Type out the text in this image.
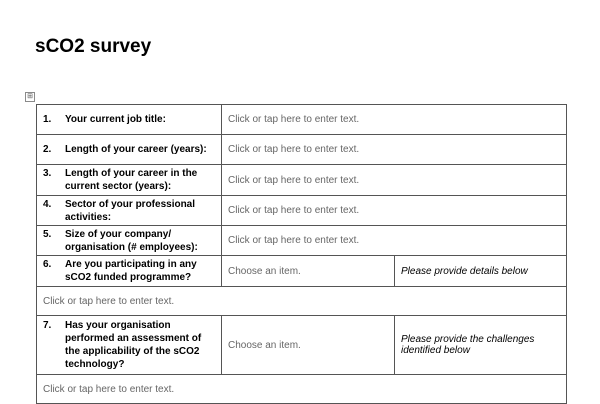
sCO2 survey
⊞
1. Your current job title:	Click or tap here to enter text.	

2. Length of your career (years):	Click or tap here to enter text.	

3. Length of your career in the current sector (years):	Click or tap here to enter text.	

4. Sector of your professional activities:	Click or tap here to enter text.	

5. Size of your company/ organisation (# employees):	Click or tap here to enter text.	

6. Are you participating in any sCO2 funded programme?	Choose an item.	Please provide details below
Click or tap here to enter text.		

7. Has your organisation performed an assessment of the applicability of the sCO2 technology?	Choose an item.	Please provide the challenges identified below
Click or tap here to enter text.		
